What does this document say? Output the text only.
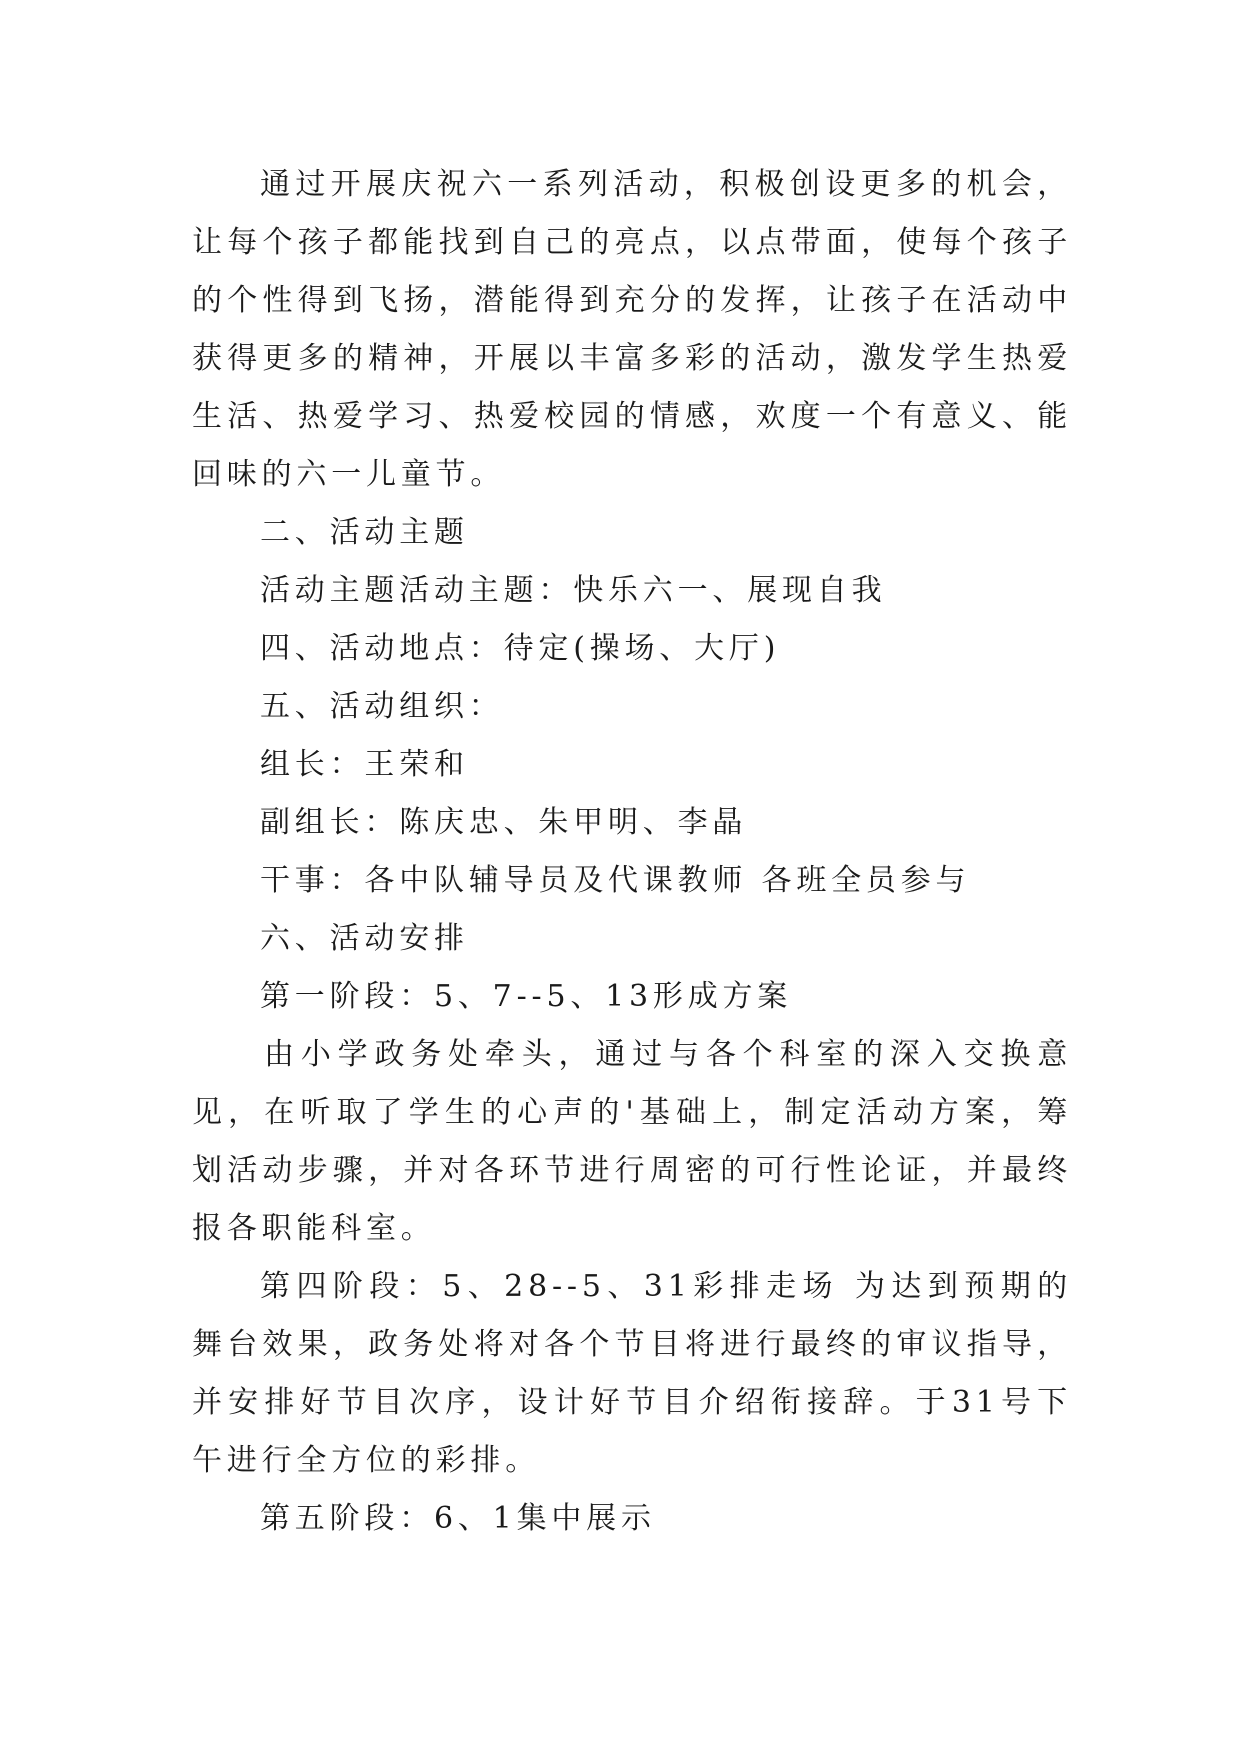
通过开展庆祝六一系列活动，积极创设更多的机会，让每个孩子都能找到自己的亮点，以点带面，使每个孩子的个性得到飞扬，潜能得到充分的发挥，让孩子在活动中获得更多的精神，开展以丰富多彩的活动，激发学生热爱生活、热爱学习、热爱校园的情感，欢度一个有意义、能回味的六一儿童节。

二、活动主题

活动主题活动主题：快乐六一、展现自我

四、活动地点：待定(操场、大厅)

五、活动组织：

组长：王荣和

副组长：陈庆忠、朱甲明、李晶

干事：各中队辅导员及代课教师 各班全员参与

六、活动安排

第一阶段：5、7--5、13形成方案

由小学政务处牵头，通过与各个科室的深入交换意见，在听取了学生的心声的'基础上，制定活动方案，筹划活动步骤，并对各环节进行周密的可行性论证，并最终报各职能科室。

第四阶段：5、28--5、31彩排走场 为达到预期的舞台效果，政务处将对各个节目将进行最终的审议指导，并安排好节目次序，设计好节目介绍衔接辞。于31号下午进行全方位的彩排。

第五阶段：6、1集中展示
